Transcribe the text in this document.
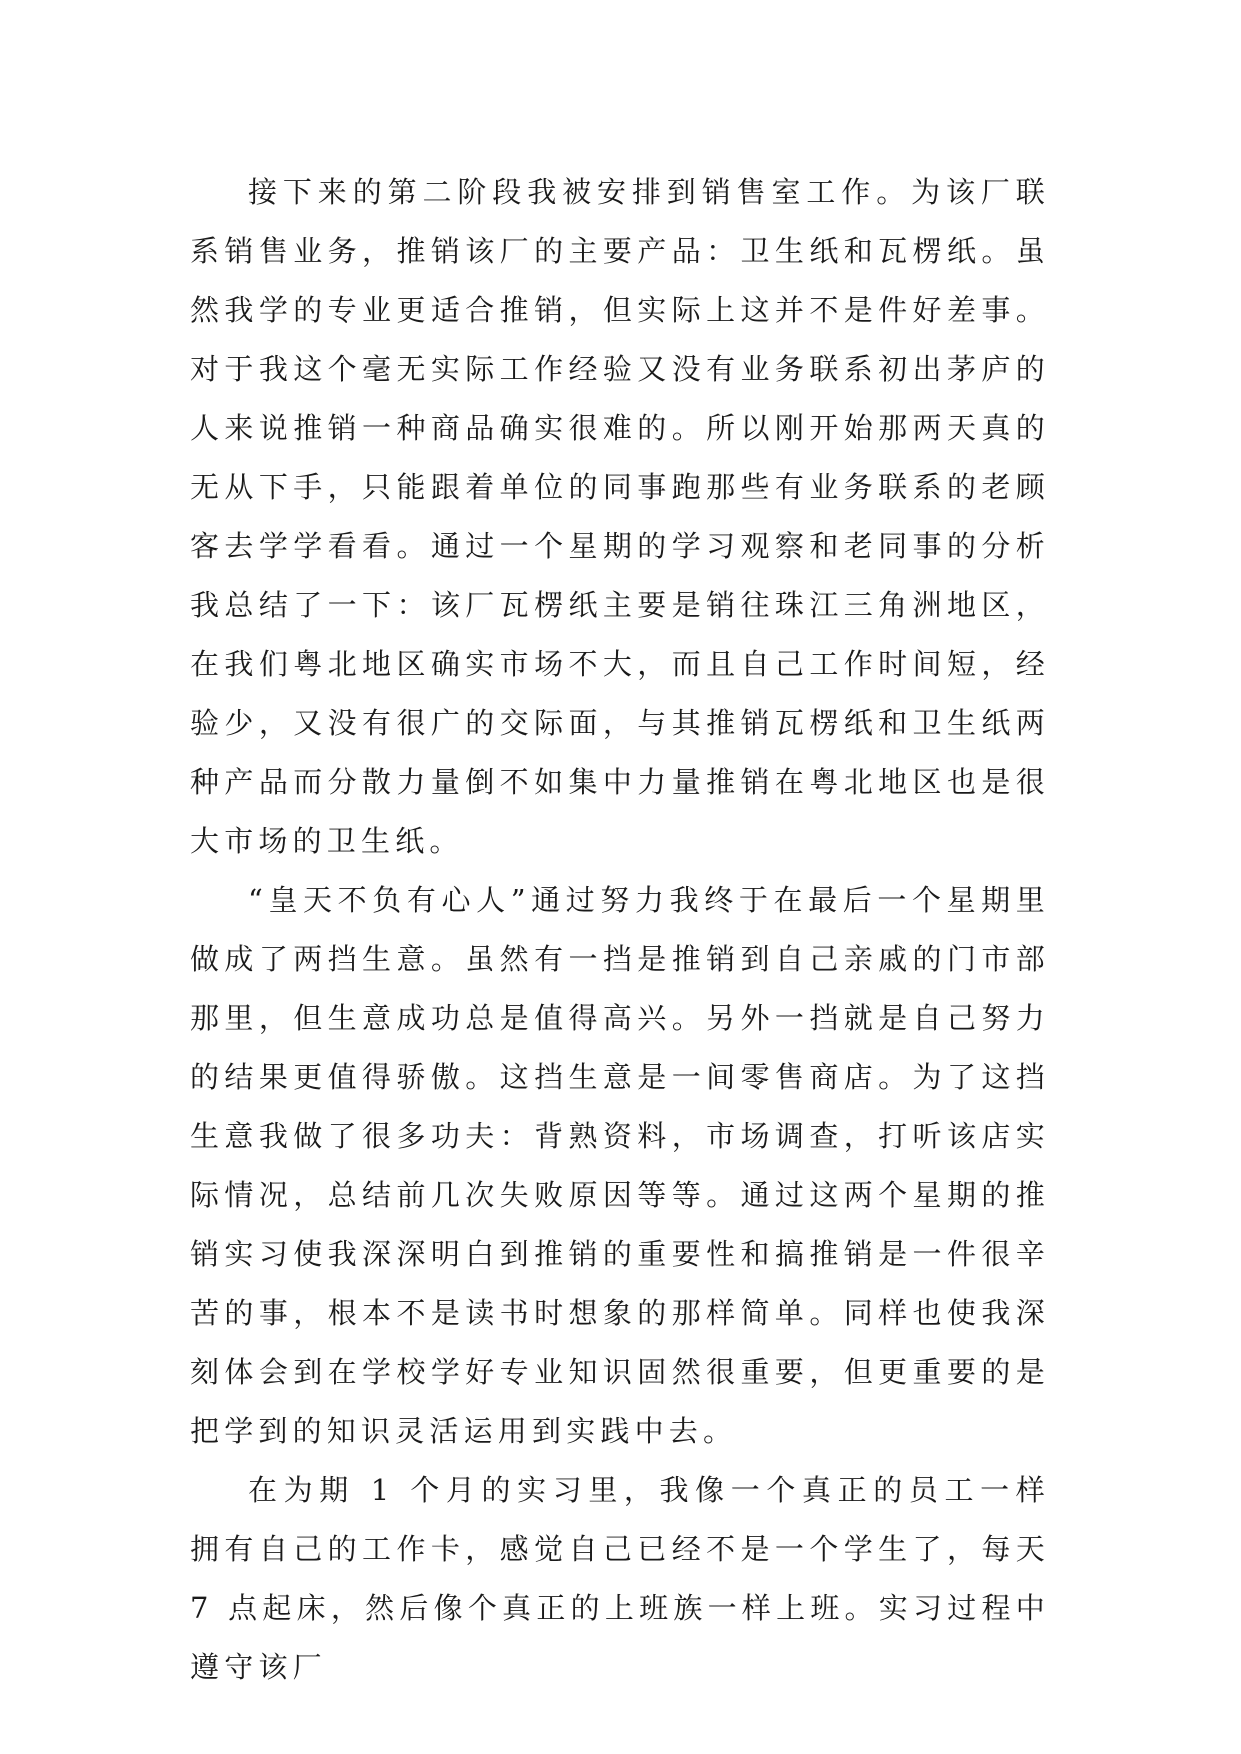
接下来的第二阶段我被安排到销售室工作。为该厂联系销售业务，推销该厂的主要产品：卫生纸和瓦楞纸。虽然我学的专业更适合推销，但实际上这并不是件好差事。对于我这个毫无实际工作经验又没有业务联系初出茅庐的人来说推销一种商品确实很难的。所以刚开始那两天真的无从下手，只能跟着单位的同事跑那些有业务联系的老顾客去学学看看。通过一个星期的学习观察和老同事的分析我总结了一下：该厂瓦楞纸主要是销往珠江三角洲地区，在我们粤北地区确实市场不大，而且自己工作时间短，经验少，又没有很广的交际面，与其推销瓦楞纸和卫生纸两种产品而分散力量倒不如集中力量推销在粤北地区也是很大市场的卫生纸。

“皇天不负有心人”通过努力我终于在最后一个星期里做成了两挡生意。虽然有一挡是推销到自己亲戚的门市部那里，但生意成功总是值得高兴。另外一挡就是自己努力的结果更值得骄傲。这挡生意是一间零售商店。为了这挡生意我做了很多功夫：背熟资料，市场调查，打听该店实际情况，总结前几次失败原因等等。通过这两个星期的推销实习使我深深明白到推销的重要性和搞推销是一件很辛苦的事，根本不是读书时想象的那样简单。同样也使我深刻体会到在学校学好专业知识固然很重要，但更重要的是把学到的知识灵活运用到实践中去。

在为期 1 个月的实习里，我像一个真正的员工一样拥有自己的工作卡，感觉自己已经不是一个学生了，每天 7 点起床，然后像个真正的上班族一样上班。实习过程中遵守该厂
